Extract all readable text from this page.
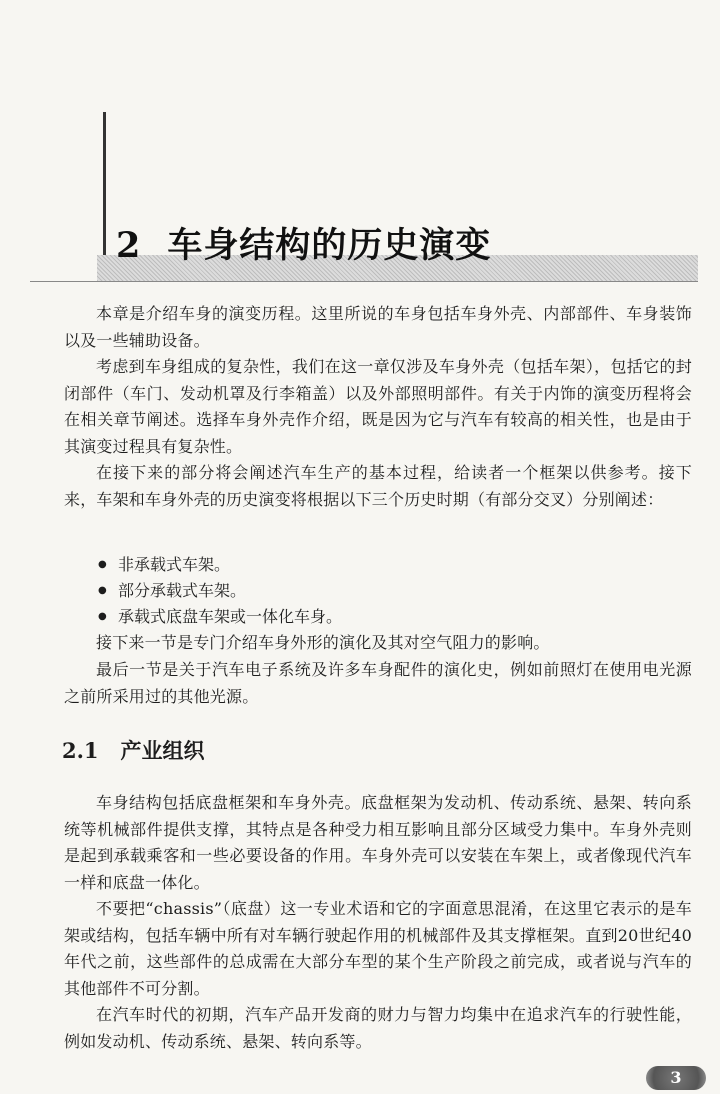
2 车身结构的历史演变

本章是介绍车身的演变历程。这里所说的车身包括车身外壳、内部部件、车身装饰以及一些辅助设备。

考虑到车身组成的复杂性，我们在这一章仅涉及车身外壳（包括车架），包括它的封闭部件（车门、发动机罩及行李箱盖）以及外部照明部件。有关于内饰的演变历程将会在相关章节阐述。选择车身外壳作介绍，既是因为它与汽车有较高的相关性，也是由于其演变过程具有复杂性。

在接下来的部分将会阐述汽车生产的基本过程，给读者一个框架以供参考。接下来，车架和车身外壳的历史演变将根据以下三个历史时期（有部分交叉）分别阐述：

● 非承载式车架。
● 部分承载式车架。
● 承载式底盘车架或一体化车身。

接下来一节是专门介绍车身外形的演化及其对空气阻力的影响。

最后一节是关于汽车电子系统及许多车身配件的演化史，例如前照灯在使用电光源之前所采用过的其他光源。

2.1 产业组织

车身结构包括底盘框架和车身外壳。底盘框架为发动机、传动系统、悬架、转向系统等机械部件提供支撑，其特点是各种受力相互影响且部分区域受力集中。车身外壳则是起到承载乘客和一些必要设备的作用。车身外壳可以安装在车架上，或者像现代汽车一样和底盘一体化。

不要把“chassis”（底盘）这一专业术语和它的字面意思混淆，在这里它表示的是车架或结构，包括车辆中所有对车辆行驶起作用的机械部件及其支撑框架。直到20世纪40年代之前，这些部件的总成需在大部分车型的某个生产阶段之前完成，或者说与汽车的其他部件不可分割。

在汽车时代的初期，汽车产品开发商的财力与智力均集中在追求汽车的行驶性能，例如发动机、传动系统、悬架、转向系等。

3
